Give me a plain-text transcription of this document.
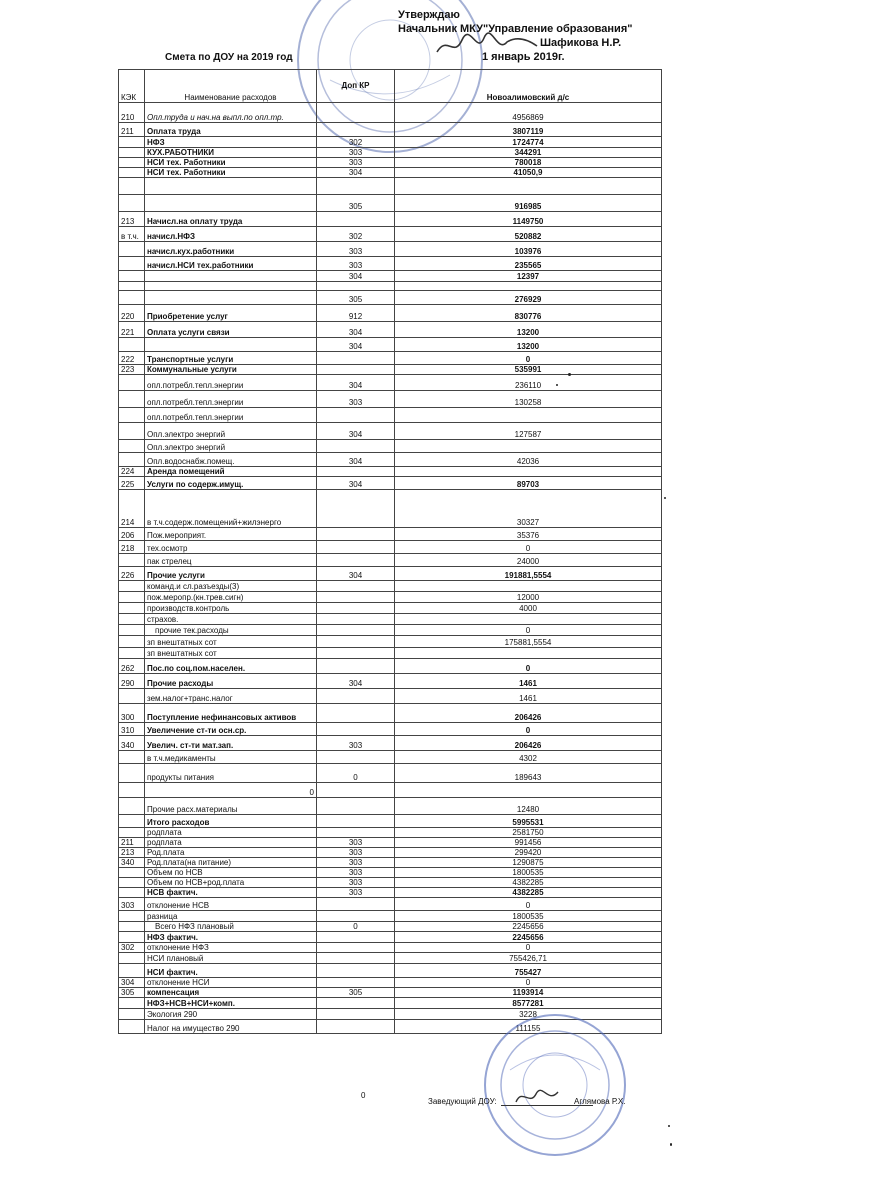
Смета по ДОУ на 2019 год
Утверждаю
Начальник МКУ"Управление образования"
Шафикова Н.Р.
1 январь 2019г.
КЭК	Наименование расходов	Доп КР	Новоалимовский д/с

210	Опл.труда и нач.на выпл.по опл.тр.		4956869
211	Оплата труда		3807119
	НФЗ	302	1724774
	КУХ.РАБОТНИКИ	303	344291
	НСИ тех. Работники	303	780018
	НСИ тех. Работники	304	41050,9

		305	916985
213	Начисл.на оплату труда		1149750
в т.ч.	начисл.НФЗ	302	520882
	начисл.кух.работники	303	103976
	начисл.НСИ тех.работники	303	235565
		304	12397

		305	276929
220	Приобретение услуг	912	830776
221	Оплата услуги связи	304	13200
		304	13200
222	Транспортные услуги		0
223	Коммунальные услуги		535991
	опл.потребл.тепл.энергии	304	236110
	опл.потребл.тепл.энергии	303	130258
	опл.потребл.тепл.энергии		
	Опл.электро энергий	304	127587
	Опл.электро энергий		
	Опл.водоснабж.помещ.	304	42036
224	Аренда помещений		
225	Услуги по содерж.имущ.	304	89703
214	в т.ч.содерж.помещений+жилэнерго		30327
206	Пож.мероприят.		35376
218	тех.осмотр		0
	пак стрелец		24000
226	Прочие услуги	304	191881,5554
	команд.и сл.разъезды(3)		
	пож.меропр.(кн.трев.сигн)		12000
	производств.контроль		4000
	страхов.		
	прочие тек.расходы		0
	зп внештатных сот		175881,5554
	зп внештатных сот		
262	Пос.по соц.пом.населен.		0
290	Прочие расходы	304	1461
	зем.налог+транс.налог		1461
300	Поступление нефинансовых активов		206426
310	Увеличение ст-ти осн.ср.		0
340	Увелич. ст-ти мат.зап.	303	206426
	в т.ч.медикаменты		4302
	продукты питания	0	189643
	0		
	Прочие расх.материалы		12480
	Итого расходов		5995531
	родплата		2581750
211	родплата	303	991456
213	Род.плата	303	299420
340	Род.плата(на питание)	303	1290875
	Объем по НСВ	303	1800535
	Объем по НСВ+род.плата	303	4382285
	НСВ фактич.	303	4382285
303	отклонение НСВ		0
	разница		1800535
	Всего НФЗ плановый	0	2245656
	НФЗ фактич.		2245656
302	отклонение НФЗ		0
	НСИ плановый		755426,71
	НСИ фактич.		755427
304	отклонение НСИ		0
305	компенсация	305	1193914
	НФЗ+НСВ+НСИ+комп.		8577281
	Экология 290		3228
	Налог на имущество 290		111155
0
Заведующий ДОУ:	Аглямова Р.Х.
